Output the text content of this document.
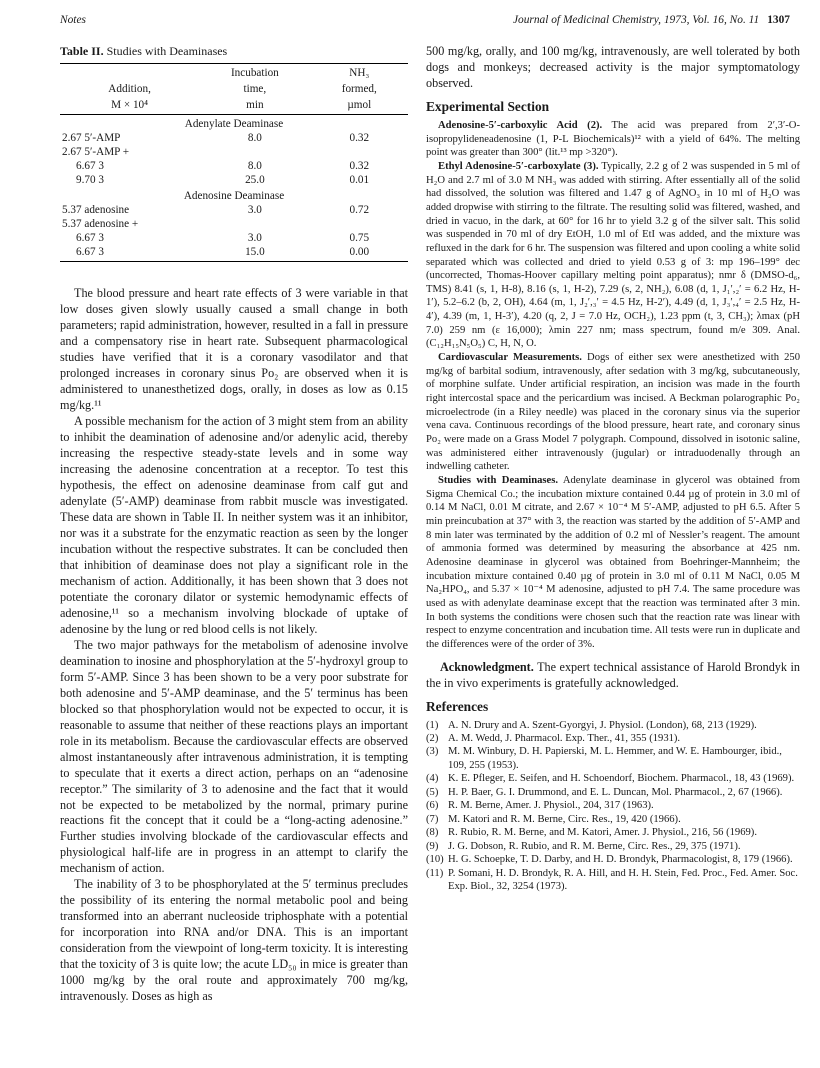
Notes	Journal of Medicinal Chemistry, 1973, Vol. 16, No. 11 1307
Table II. Studies with Deaminases
	Incubation	NH₃
Addition,	time,	formed,
M × 10⁴	min	µmol
Adenylate Deaminase		
2.67 5′-AMP	8.0	0.32
2.67 5′-AMP +		
6.67 3	8.0	0.32
9.70 3	25.0	0.01
Adenosine Deaminase		
5.37 adenosine	3.0	0.72
5.37 adenosine +		
6.67 3	3.0	0.75
6.67 3	15.0	0.00

The blood pressure and heart rate effects of 3 were variable in that low doses given slowly usually caused a small change in both parameters; rapid administration, however, resulted in a fall in pressure and a compensatory rise in heart rate. Subsequent pharmacological studies have verified that it is a coronary vasodilator and that prolonged increases in coronary sinus Po₂ are observed when it is administered to unanesthetized dogs, orally, in doses as low as 0.15 mg/kg.¹¹

A possible mechanism for the action of 3 might stem from an ability to inhibit the deamination of adenosine and/or adenylic acid, thereby increasing the respective steady-state levels and in some way increasing the adenosine concentration at a receptor. To test this hypothesis, the effect on adenosine deaminase from calf gut and adenylate (5′-AMP) deaminase from rabbit muscle was investigated. These data are shown in Table II. In neither system was it an inhibitor, nor was it a substrate for the enzymatic reaction as seen by the longer incubation without the respective substrates. It can be concluded then that inhibition of deaminase does not play a significant role in the mechanism of action. Additionally, it has been shown that 3 does not potentiate the coronary dilator or systemic hemodynamic effects of adenosine,¹¹ so a mechanism involving blockade of uptake of adenosine by the lung or red blood cells is not likely.

The two major pathways for the metabolism of adenosine involve deamination to inosine and phosphorylation at the 5′-hydroxyl group to form 5′-AMP. Since 3 has been shown to be a very poor substrate for both adenosine and 5′-AMP deaminase, and the 5′ terminus has been blocked so that phosphorylation would not be expected to occur, it is reasonable to assume that neither of these reactions plays an important role in its metabolism. Because the cardiovascular effects are observed almost instantaneously after intravenous administration, it is tempting to speculate that it exerts a direct action, perhaps on an “adenosine receptor.” The similarity of 3 to adenosine and the fact that it would not be expected to be metabolized by the normal, primary purine reactions fit the concept that it could be a “long-acting adenosine.” Further studies involving blockade of the cardiovascular effects and physiological half-life are in progress in an attempt to clarify the mechanism of action.

The inability of 3 to be phosphorylated at the 5′ terminus precludes the possibility of its entering the normal metabolic pool and being transformed into an aberrant nucleoside triphosphate with a potential for incorporation into RNA and/or DNA. This is an important consideration from the viewpoint of long-term toxicity. It is interesting that the toxicity of 3 is quite low; the acute LD₅₀ in mice is greater than 1000 mg/kg by the oral route and approximately 700 mg/kg, intravenously. Doses as high as

500 mg/kg, orally, and 100 mg/kg, intravenously, are well tolerated by both dogs and monkeys; decreased activity is the major symptomatology observed.

Experimental Section

Adenosine-5′-carboxylic Acid (2). The acid was prepared from 2′,3′-O-isopropylideneadenosine (1, P-L Biochemicals)¹² with a yield of 64%. The melting point was greater than 300° (lit.¹³ mp >320°).

Ethyl Adenosine-5′-carboxylate (3). Typically, 2.2 g of 2 was suspended in 5 ml of H₂O and 2.7 ml of 3.0 M NH₃ was added with stirring. After essentially all of the solid had dissolved, the solution was filtered and 1.47 g of AgNO₃ in 10 ml of H₂O was added dropwise with stirring to the filtrate. The resulting solid was filtered, washed, and dried in vacuo, in the dark, at 60° for 16 hr to yield 3.2 g of the silver salt. This solid was suspended in 70 ml of dry EtOH, 1.0 ml of EtI was added, and the mixture was refluxed in the dark for 6 hr. The suspension was filtered and upon cooling a white solid separated which was collected and dried to yield 0.53 g of 3: mp 196–199° dec (uncorrected, Thomas-Hoover capillary melting point apparatus); nmr δ (DMSO-d₆, TMS) 8.41 (s, 1, H-8), 8.16 (s, 1, H-2), 7.29 (s, 2, NH₂), 6.08 (d, 1, J₁′,₂′ = 6.2 Hz, H-1′), 5.2–6.2 (b, 2, OH), 4.64 (m, 1, J₂′,₃′ = 4.5 Hz, H-2′), 4.49 (d, 1, J₃′,₄′ = 2.5 Hz, H-4′), 4.39 (m, 1, H-3′), 4.20 (q, 2, J = 7.0 Hz, OCH₂), 1.23 ppm (t, 3, CH₃); λmax (pH 7.0) 259 nm (ε 16,000); λmin 227 nm; mass spectrum, found m/e 309. Anal. (C₁₂H₁₅N₅O₅) C, H, N, O.

Cardiovascular Measurements. Dogs of either sex were anesthetized with 250 mg/kg of barbital sodium, intravenously, after sedation with 3 mg/kg, subcutaneously, of morphine sulfate. Under artificial respiration, an incision was made in the fourth right intercostal space and the pericardium was incised. A Beckman polarographic Po₂ microelectrode (in a Riley needle) was placed in the coronary sinus via the superior vena cava. Continuous recordings of the blood pressure, heart rate, and coronary sinus Po₂ were made on a Grass Model 7 polygraph. Compound, dissolved in isotonic saline, was administered either intravenously (jugular) or intraduodenally through an indwelling catheter.

Studies with Deaminases. Adenylate deaminase in glycerol was obtained from Sigma Chemical Co.; the incubation mixture contained 0.44 µg of protein in 3.0 ml of 0.14 M NaCl, 0.01 M citrate, and 2.67 × 10⁻⁴ M 5′-AMP, adjusted to pH 6.5. After 5 min preincubation at 37° with 3, the reaction was started by the addition of 5′-AMP and 8 min later was terminated by the addition of 0.2 ml of Nessler’s reagent. The amount of ammonia formed was determined by measuring the absorbance at 425 nm. Adenosine deaminase in glycerol was obtained from Boehringer-Mannheim; the incubation mixture contained 0.40 µg of protein in 3.0 ml of 0.11 M NaCl, 0.05 M Na₂HPO₄, and 5.37 × 10⁻⁴ M adenosine, adjusted to pH 7.4. The same procedure was used as with adenylate deaminase except that the reaction was terminated after 3 min. In both systems the conditions were chosen such that the reaction rate was linear with respect to enzyme concentration and incubation time. All tests were run in duplicate and the differences were of the order of 3%.

Acknowledgment. The expert technical assistance of Harold Brondyk in the in vivo experiments is gratefully acknowledged.

References
(1) A. N. Drury and A. Szent-Gyorgyi, J. Physiol. (London), 68, 213 (1929).
(2) A. M. Wedd, J. Pharmacol. Exp. Ther., 41, 355 (1931).
(3) M. M. Winbury, D. H. Papierski, M. L. Hemmer, and W. E. Hambourger, ibid., 109, 255 (1953).
(4) K. E. Pfleger, E. Seifen, and H. Schoendorf, Biochem. Pharmacol., 18, 43 (1969).
(5) H. P. Baer, G. I. Drummond, and E. L. Duncan, Mol. Pharmacol., 2, 67 (1966).
(6) R. M. Berne, Amer. J. Physiol., 204, 317 (1963).
(7) M. Katori and R. M. Berne, Circ. Res., 19, 420 (1966).
(8) R. Rubio, R. M. Berne, and M. Katori, Amer. J. Physiol., 216, 56 (1969).
(9) J. G. Dobson, R. Rubio, and R. M. Berne, Circ. Res., 29, 375 (1971).
(10) H. G. Schoepke, T. D. Darby, and H. D. Brondyk, Pharmacologist, 8, 179 (1966).
(11) P. Somani, H. D. Brondyk, R. A. Hill, and H. H. Stein, Fed. Proc., Fed. Amer. Soc. Exp. Biol., 32, 3254 (1973).
